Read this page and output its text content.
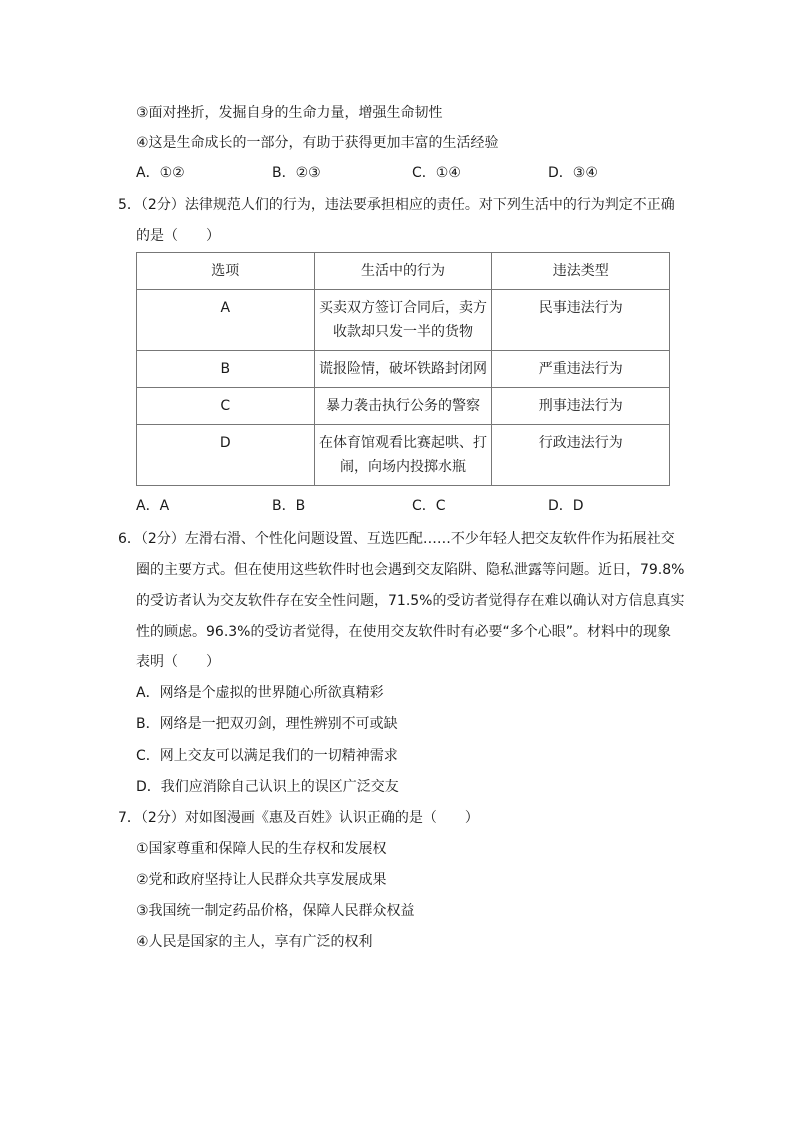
③面对挫折，发掘自身的生命力量，增强生命韧性
④这是生命成长的一部分，有助于获得更加丰富的生活经验
A．①②	B．②③	C．①④	D．③④
5．（2分）法律规范人们的行为，违法要承担相应的责任。对下列生活中的行为判定不正确
的是（　　）
选项	生活中的行为	违法类型
A	买卖双方签订合同后，卖方
收款却只发一半的货物	民事违法行为
B	谎报险情，破坏铁路封闭网	严重违法行为
C	暴力袭击执行公务的警察	刑事违法行为
D	在体育馆观看比赛起哄、打
闹，向场内投掷水瓶	行政违法行为
A．A	B．B	C．C	D．D
6．（2分）左滑右滑、个性化问题设置、互选匹配……不少年轻人把交友软件作为拓展社交
圈的主要方式。但在使用这些软件时也会遇到交友陷阱、隐私泄露等问题。近日，79.8%
的受访者认为交友软件存在安全性问题，71.5%的受访者觉得存在难以确认对方信息真实
性的顾虑。96.3%的受访者觉得，在使用交友软件时有必要“多个心眼”。材料中的现象
表明（　　）
A．网络是个虚拟的世界随心所欲真精彩
B．网络是一把双刃剑，理性辨别不可或缺
C．网上交友可以满足我们的一切精神需求
D．我们应消除自己认识上的误区广泛交友
7．（2分）对如图漫画《惠及百姓》认识正确的是（　　）
①国家尊重和保障人民的生存权和发展权
②党和政府坚持让人民群众共享发展成果
③我国统一制定药品价格，保障人民群众权益
④人民是国家的主人，享有广泛的权利
